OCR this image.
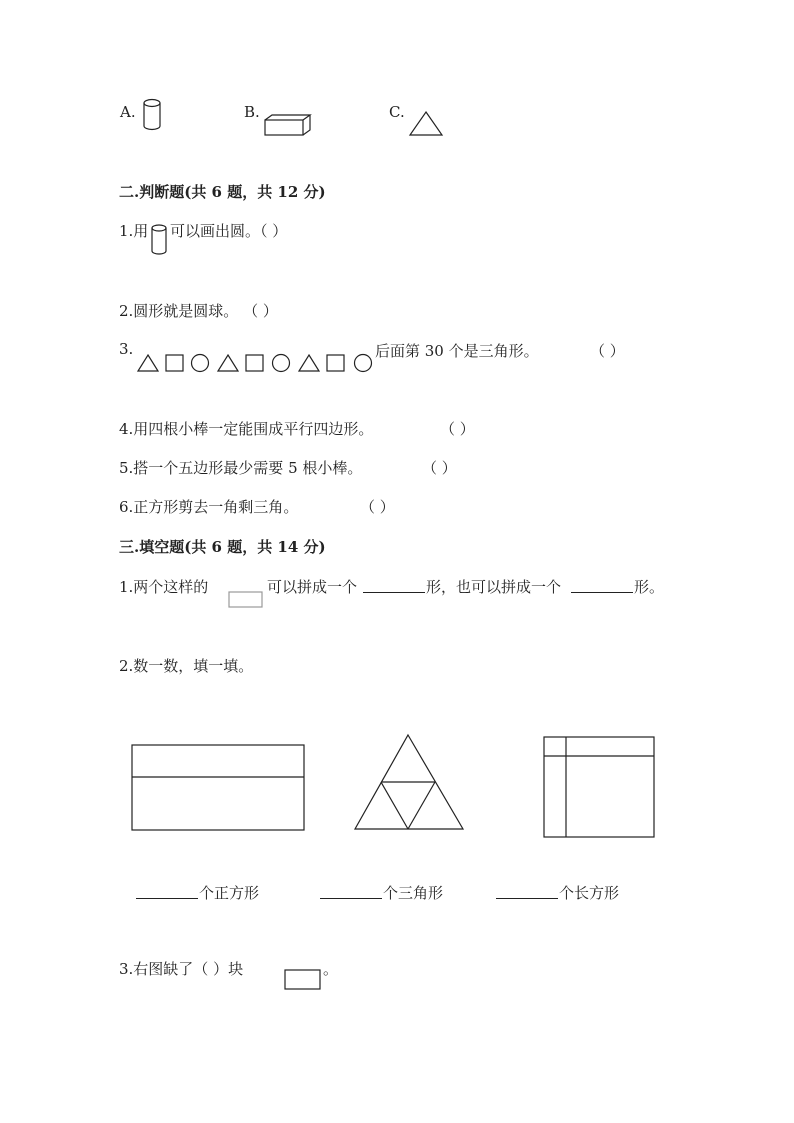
A.	B.	C.
二.判断题(共 6 题，共 12 分)
1.用 可以画出圆。（ ）
2.圆形就是圆球。 （ ）
3.	后面第 30 个是三角形。	（ ）
4.用四根小棒一定能围成平行四边形。	（ ）
5.搭一个五边形最少需要 5 根小棒。	（ ）
6.正方形剪去一角剩三角。	（ ）
三.填空题(共 6 题，共 14 分)
1.两个这样的	可以拼成一个	形，也可以拼成一个	形。
2.数一数，填一填。
个正方形	个三角形	个长方形
3.右图缺了（ ）块	。
